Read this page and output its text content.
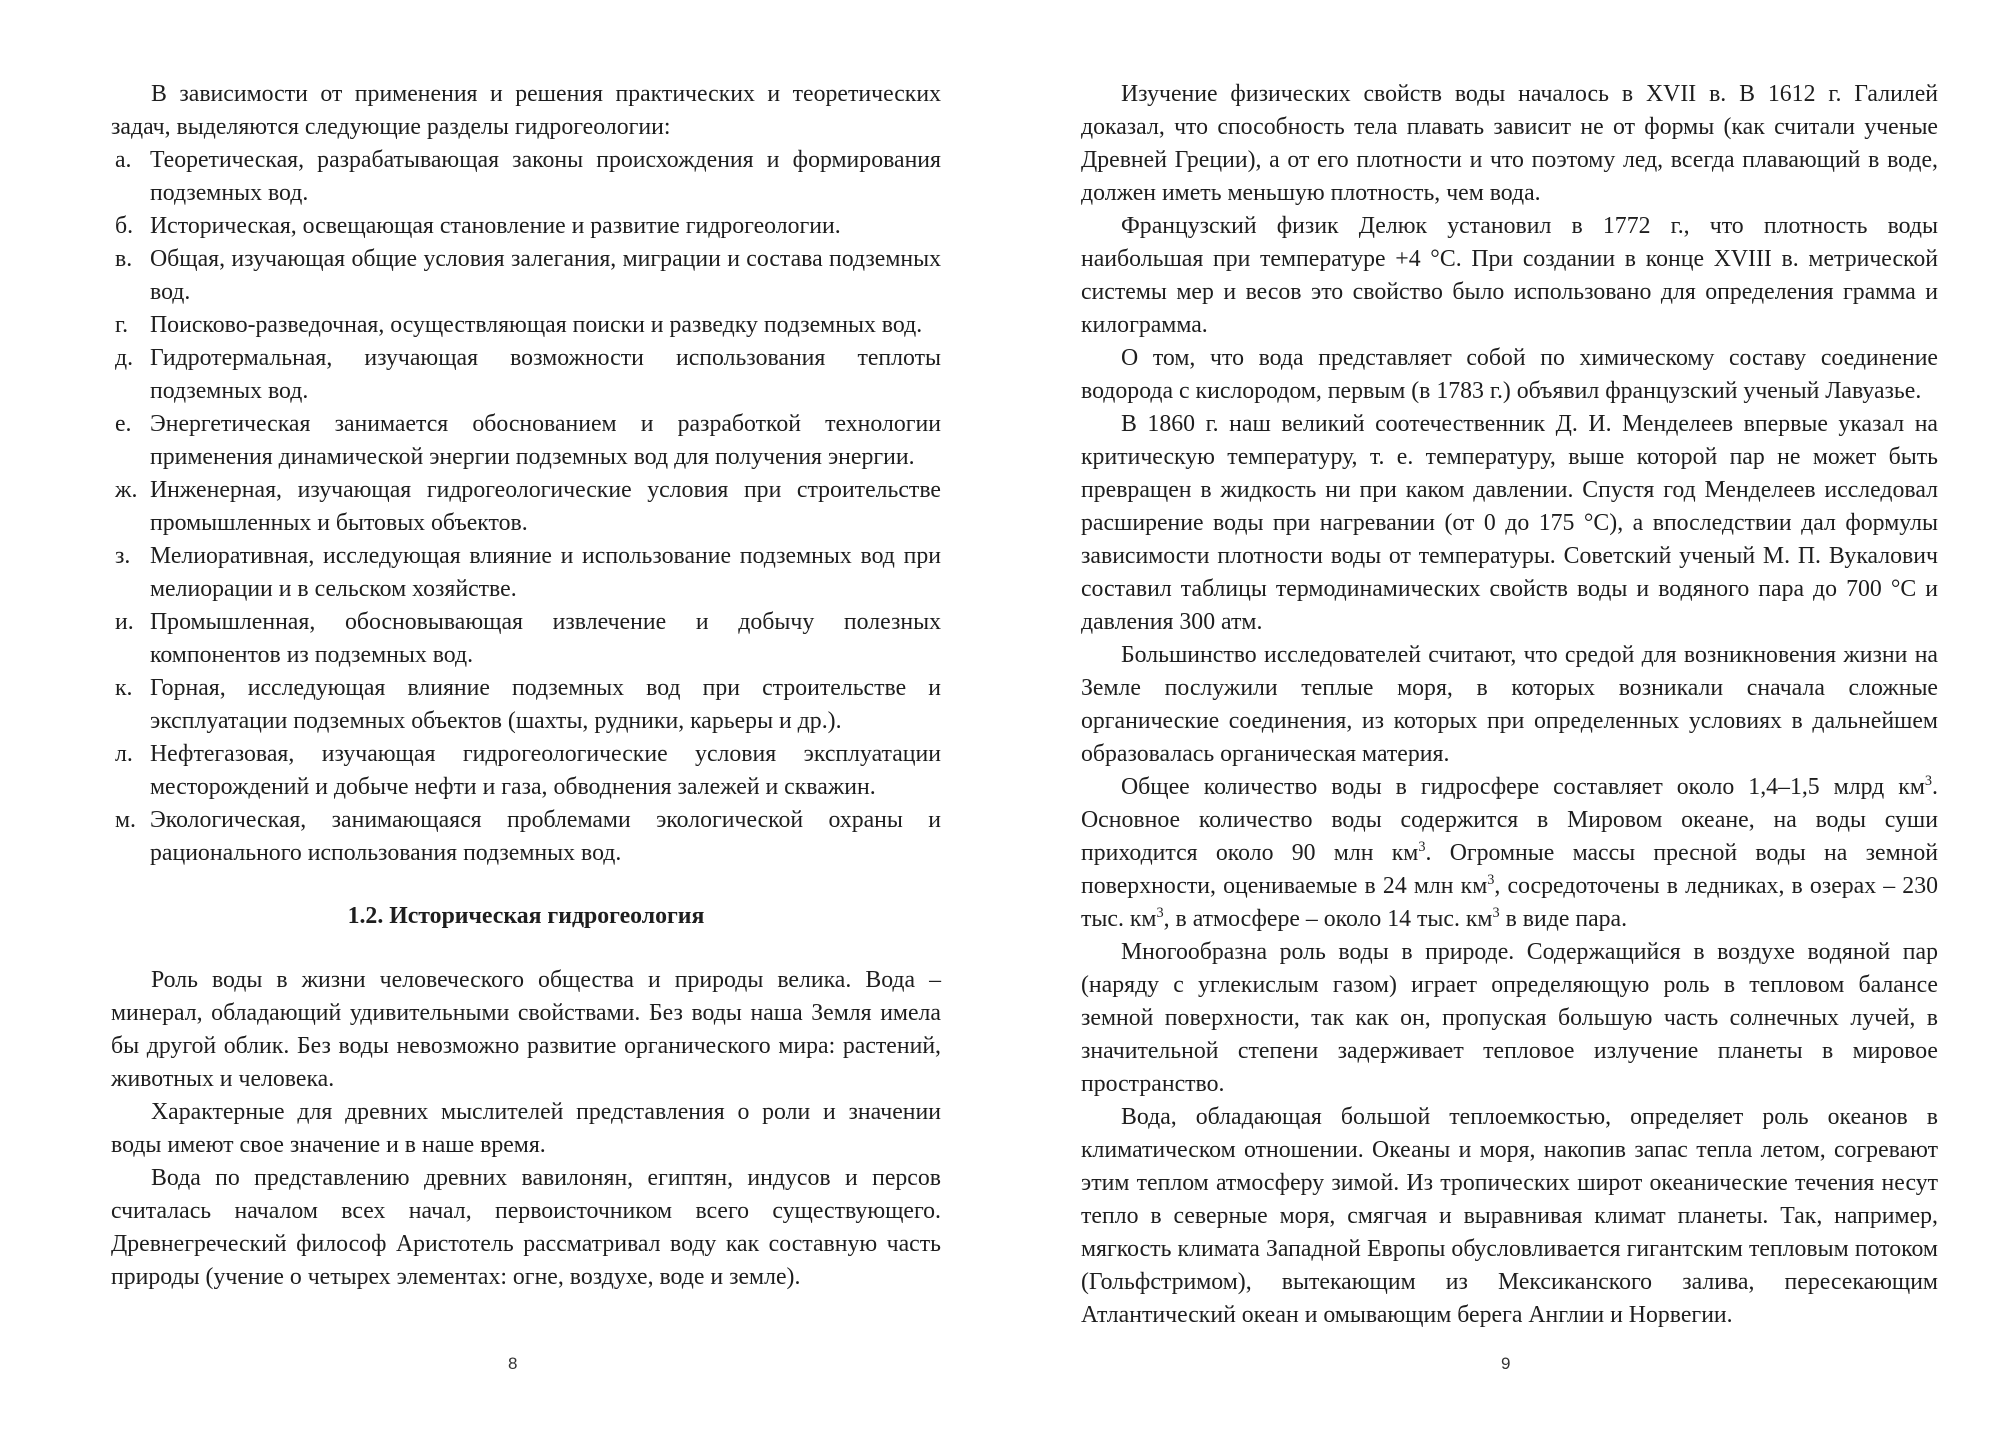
В зависимости от применения и решения практических и теоретических задач, выделяются следующие разделы гидрогеологии:

а. Теоретическая, разрабатывающая законы происхождения и формирования подземных вод.
б. Историческая, освещающая становление и развитие гидрогеологии.
в. Общая, изучающая общие условия залегания, миграции и состава подземных вод.
г. Поисково-разведочная, осуществляющая поиски и разведку подземных вод.
д. Гидротермальная, изучающая возможности использования теплоты подземных вод.
е. Энергетическая занимается обоснованием и разработкой технологии применения динамической энергии подземных вод для получения энергии.
ж. Инженерная, изучающая гидрогеологические условия при строительстве промышленных и бытовых объектов.
з. Мелиоративная, исследующая влияние и использование подземных вод при мелиорации и в сельском хозяйстве.
и. Промышленная, обосновывающая извлечение и добычу полезных компонентов из подземных вод.
к. Горная, исследующая влияние подземных вод при строительстве и эксплуатации подземных объектов (шахты, рудники, карьеры и др.).
л. Нефтегазовая, изучающая гидрогеологические условия эксплуатации месторождений и добыче нефти и газа, обводнения залежей и скважин.
м. Экологическая, занимающаяся проблемами экологической охраны и рационального использования подземных вод.
1.2. Историческая гидрогеология

Роль воды в жизни человеческого общества и природы велика. Вода – минерал, обладающий удивительными свойствами. Без воды наша Земля имела бы другой облик. Без воды невозможно развитие органического мира: растений, животных и человека.

Характерные для древних мыслителей представления о роли и значении воды имеют свое значение и в наше время.

Вода по представлению древних вавилонян, египтян, индусов и персов считалась началом всех начал, первоисточником всего существующего. Древнегреческий философ Аристотель рассматривал воду как составную часть природы (учение о четырех элементах: огне, воздухе, воде и земле).

8

Изучение физических свойств воды началось в XVII в. В 1612 г. Галилей доказал, что способность тела плавать зависит не от формы (как считали ученые Древней Греции), а от его плотности и что поэтому лед, всегда плавающий в воде, должен иметь меньшую плотность, чем вода.

Французский физик Делюк установил в 1772 г., что плотность воды наибольшая при температуре +4 °С. При создании в конце XVIII в. метрической системы мер и весов это свойство было использовано для определения грамма и килограмма.

О том, что вода представляет собой по химическому составу соединение водорода с кислородом, первым (в 1783 г.) объявил французский ученый Лавуазье.

В 1860 г. наш великий соотечественник Д. И. Менделеев впервые указал на критическую температуру, т. е. температуру, выше которой пар не может быть превращен в жидкость ни при каком давлении. Спустя год Менделеев исследовал расширение воды при нагревании (от 0 до 175 °С), а впоследствии дал формулы зависимости плотности воды от температуры. Советский ученый М. П. Вукалович составил таблицы термодинамических свойств воды и водяного пара до 700 °С и давления 300 атм.

Большинство исследователей считают, что средой для возникновения жизни на Земле послужили теплые моря, в которых возникали сначала сложные органические соединения, из которых при определенных условиях в дальнейшем образовалась органическая материя.

Общее количество воды в гидросфере составляет около 1,4–1,5 млрд $км^3$. Основное количество воды содержится в Мировом океане, на воды суши приходится около 90 млн $км^3$. Огромные массы пресной воды на земной поверхности, оцениваемые в 24 млн $км^3$, сосредоточены в ледниках, в озерах – 230 тыс. $км^3$, в атмосфере – около 14 тыс. $км^3$ в виде пара.

Многообразна роль воды в природе. Содержащийся в воздухе водяной пар (наряду с углекислым газом) играет определяющую роль в тепловом балансе земной поверхности, так как он, пропуская большую часть солнечных лучей, в значительной степени задерживает тепловое излучение планеты в мировое пространство.

Вода, обладающая большой теплоемкостью, определяет роль океанов в климатическом отношении. Океаны и моря, накопив запас тепла летом, согревают этим теплом атмосферу зимой. Из тропических широт океанические течения несут тепло в северные моря, смягчая и выравнивая климат планеты. Так, например, мягкость климата Западной Европы обусловливается гигантским тепловым потоком (Гольфстримом), вытекающим из Мексиканского залива, пересекающим Атлантический океан и омывающим берега Англии и Норвегии.

9
